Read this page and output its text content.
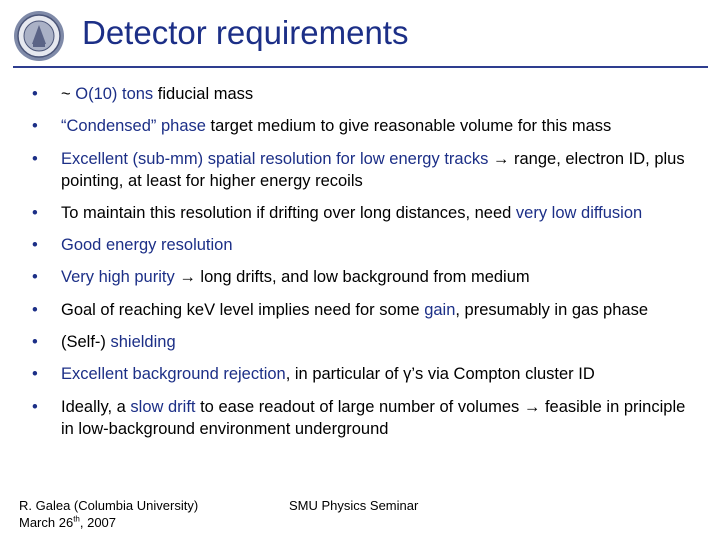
Detector requirements
• ~ O(10) tons fiducial mass
• “Condensed” phase target medium to give reasonable volume for this mass
• Excellent (sub-mm) spatial resolution for low energy tracks → range, electron ID, plus pointing, at least for higher energy recoils
• To maintain this resolution if drifting over long distances, need very low diffusion
• Good energy resolution
• Very high purity → long drifts, and low background from medium
• Goal of reaching keV level implies need for some gain, presumably in gas phase
• (Self-) shielding
• Excellent background rejection, in particular of γ’s via Compton cluster ID
• Ideally, a slow drift to ease readout of large number of volumes → feasible in principle in low-background environment underground
R. Galea (Columbia University)
March 26th, 2007
SMU Physics Seminar
